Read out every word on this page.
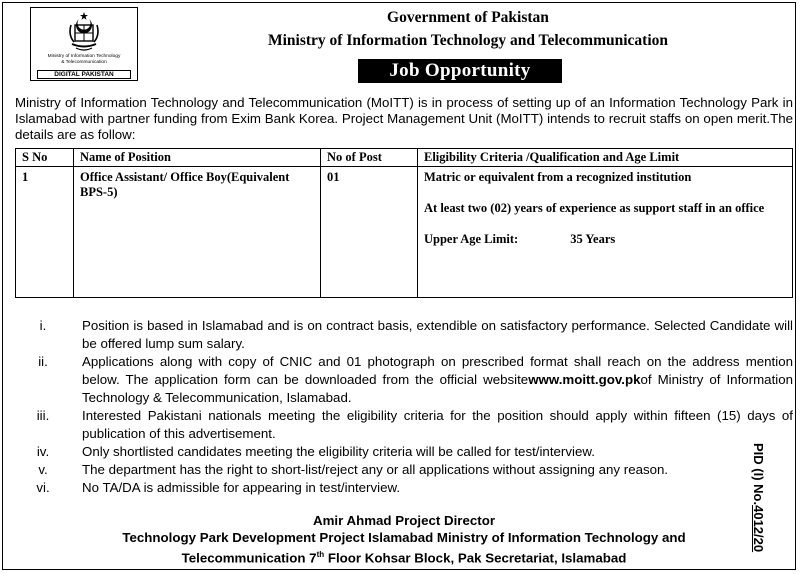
Ministry of Information Technology
& Telecommunication
DIGITAL PAKISTAN
Government of Pakistan
Ministry of Information Technology and Telecommunication
Job Opportunity
Ministry of Information Technology and Telecommunication (MoITT) is in process of setting up of an Information Technology Park in Islamabad with partner funding from Exim Bank Korea. Project Management Unit (MoITT) intends to recruit staffs on open merit.The details are as follow:
S No	Name of Position	No of Post	Eligibility Criteria /Qualification and Age Limit
1	Office Assistant/ Office Boy(Equivalent BPS-5)	01	Matric or equivalent from a recognized institution

At least two (02) years of experience as support staff in an office

Upper Age Limit: 35 Years

i.	Position is based in Islamabad and is on contract basis, extendible on satisfactory performance. Selected Candidate will be offered lump sum salary.
ii.	Applications along with copy of CNIC and 01 photograph on prescribed format shall reach on the address mention below. The application form can be downloaded from the official websitewww.moitt.gov.pkof Ministry of Information Technology & Telecommunication, Islamabad.
iii.	Interested Pakistani nationals meeting the eligibility criteria for the position should apply within fifteen (15) days of publication of this advertisement.
iv.	Only shortlisted candidates meeting the eligibility criteria will be called for test/interview.
v.	The department has the right to short-list/reject any or all applications without assigning any reason.
vi.	No TA/DA is admissible for appearing in test/interview.
Amir Ahmad Project Director
Technology Park Development Project Islamabad Ministry of Information Technology and
Telecommunication 7th Floor Kohsar Block, Pak Secretariat, Islamabad
PID (I) No.4012/20
